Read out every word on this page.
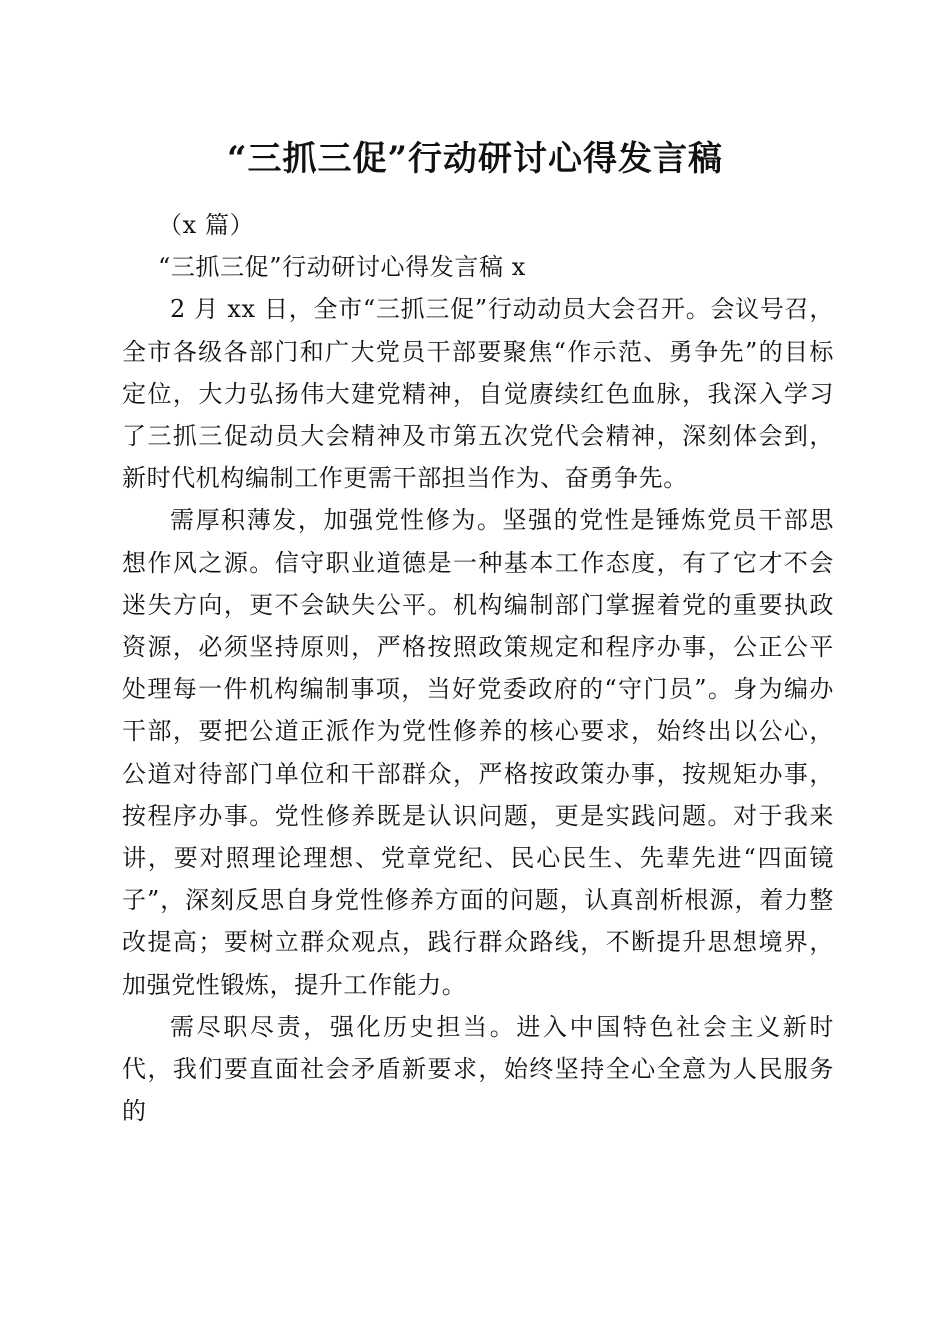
“三抓三促”行动研讨心得发言稿

（x 篇）

“三抓三促”行动研讨心得发言稿 x

2 月 xx 日，全市“三抓三促”行动动员大会召开。会议号召，全市各级各部门和广大党员干部要聚焦“作示范、勇争先”的目标定位，大力弘扬伟大建党精神，自觉赓续红色血脉，我深入学习了三抓三促动员大会精神及市第五次党代会精神，深刻体会到，新时代机构编制工作更需干部担当作为、奋勇争先。

需厚积薄发，加强党性修为。坚强的党性是锤炼党员干部思想作风之源。信守职业道德是一种基本工作态度，有了它才不会迷失方向，更不会缺失公平。机构编制部门掌握着党的重要执政资源，必须坚持原则，严格按照政策规定和程序办事，公正公平处理每一件机构编制事项，当好党委政府的“守门员”。身为编办干部，要把公道正派作为党性修养的核心要求，始终出以公心，公道对待部门单位和干部群众，严格按政策办事，按规矩办事，按程序办事。党性修养既是认识问题，更是实践问题。对于我来讲，要对照理论理想、党章党纪、民心民生、先辈先进“四面镜子”，深刻反思自身党性修养方面的问题，认真剖析根源，着力整改提高；要树立群众观点，践行群众路线，不断提升思想境界，加强党性锻炼，提升工作能力。

需尽职尽责，强化历史担当。进入中国特色社会主义新时代，我们要直面社会矛盾新要求，始终坚持全心全意为人民服务的
